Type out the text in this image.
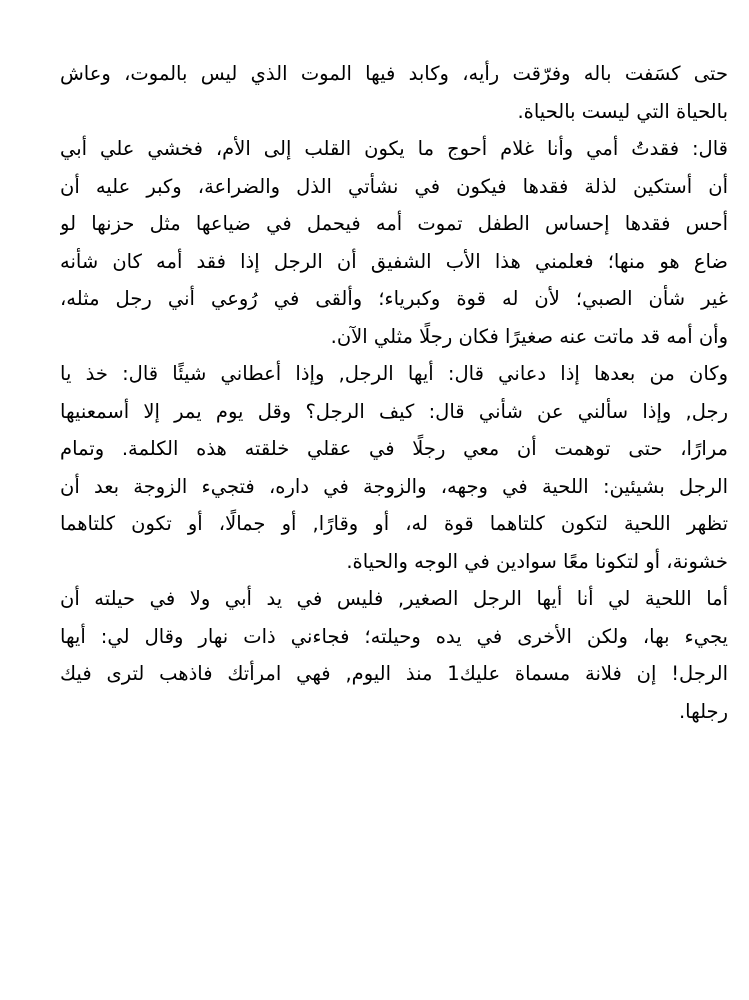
حتى كسَفت باله وفرّقت رأيه، وكابد فيها الموت الذي ليس بالموت، وعاش
بالحياة التي ليست بالحياة.
قال: فقدتُ أمي وأنا غلام أحوج ما يكون القلب إلى الأم، فخشي علي أبي
أن أستكين لذلة فقدها فيكون في نشأتي الذل والضراعة، وكبر عليه أن
أحس فقدها إحساس الطفل تموت أمه فيحمل في ضياعها مثل حزنها لو
ضاع هو منها؛ فعلمني هذا الأب الشفيق أن الرجل إذا فقد أمه كان شأنه
غير شأن الصبي؛ لأن له قوة وكبرياء؛ وألقى في رُوعي أني رجل مثله،
وأن أمه قد ماتت عنه صغيرًا فكان رجلًا مثلي الآن.
وكان من بعدها إذا دعاني قال: أيها الرجل, وإذا أعطاني شيئًا قال: خذ يا
رجل, وإذا سألني عن شأني قال: كيف الرجل؟ وقل يوم يمر إلا أسمعنيها
مرارًا، حتى توهمت أن معي رجلًا في عقلي خلقته هذه الكلمة. وتمام
الرجل بشيئين: اللحية في وجهه، والزوجة في داره، فتجيء الزوجة بعد أن
تظهر اللحية لتكون كلتاهما قوة له، أو وقارًا, أو جمالًا، أو تكون كلتاهما
خشونة، أو لتكونا معًا سوادين في الوجه والحياة.
أما اللحية لي أنا أيها الرجل الصغير, فليس في يد أبي ولا في حيلته أن
يجيء بها، ولكن الأخرى في يده وحيلته؛ فجاءني ذات نهار وقال لي: أيها
الرجل! إن فلانة مسماة عليك1 منذ اليوم, فهي امرأتك فاذهب لترى فيك
رجلها.
